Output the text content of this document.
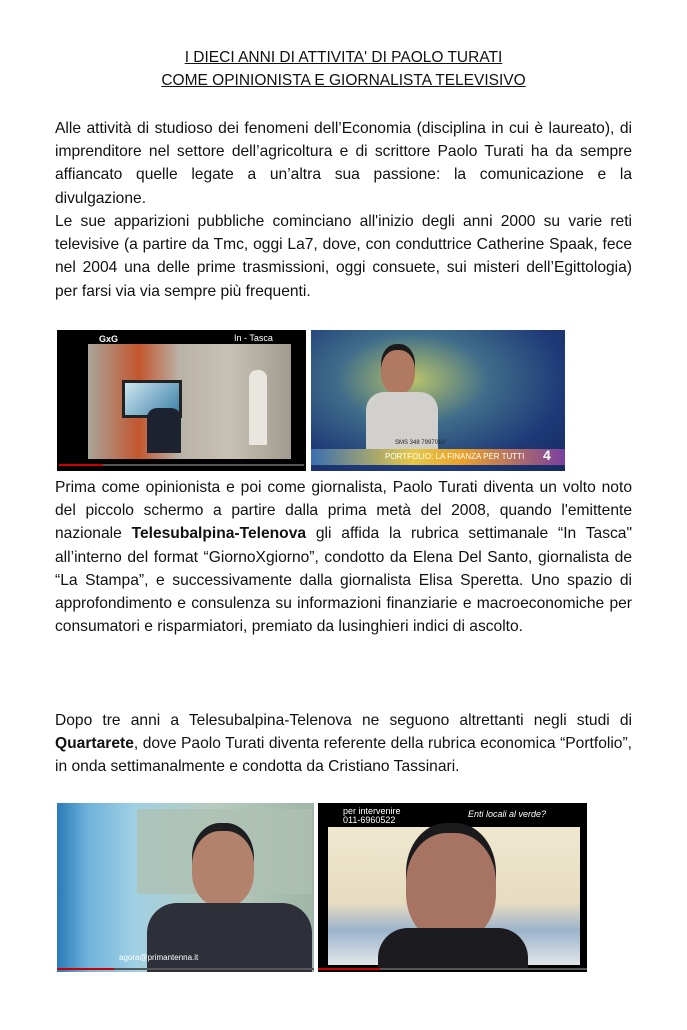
I DIECI ANNI DI ATTIVITA' DI PAOLO TURATI
COME OPINIONISTA E GIORNALISTA TELEVISIVO

Alle attività di studioso dei fenomeni dell’Economia (disciplina in cui è laureato), di imprenditore nel settore dell’agricoltura e di scrittore Paolo Turati ha da sempre affiancato quelle legate a un’altra sua passione: la comunicazione e la divulgazione.

Le sue apparizioni pubbliche cominciano all'inizio degli anni 2000 su varie reti televisive (a partire da Tmc, oggi La7, dove, con conduttrice Catherine Spaak, fece nel 2004 una delle prime trasmissioni, oggi consuete, sui misteri dell’Egittologia) per farsi via via sempre più frequenti.

GxG	In - Tasca
SMS 348 7997010
PORTFOLIO: LA FINANZA PER TUTTI 4

Prima come opinionista e poi come giornalista, Paolo Turati diventa un volto noto del piccolo schermo a partire dalla prima metà del 2008, quando l'emittente nazionale Telesubalpina-Telenova gli affida la rubrica settimanale “In Tasca" all’interno del format “GiornoXgiorno”, condotto da Elena Del Santo, giornalista de “La Stampa”, e successivamente dalla giornalista Elisa Speretta. Uno spazio di approfondimento e consulenza su informazioni finanziarie e macroeconomiche per consumatori e risparmiatori, premiato da lusinghieri indici di ascolto.

Dopo tre anni a Telesubalpina-Telenova ne seguono altrettanti negli studi di Quartarete, dove Paolo Turati diventa referente della rubrica economica “Portfolio”, in onda settimanalmente e condotta da Cristiano Tassinari.

agora@primantenna.it
per intervenire
011-6960522
Enti locali al verde?
